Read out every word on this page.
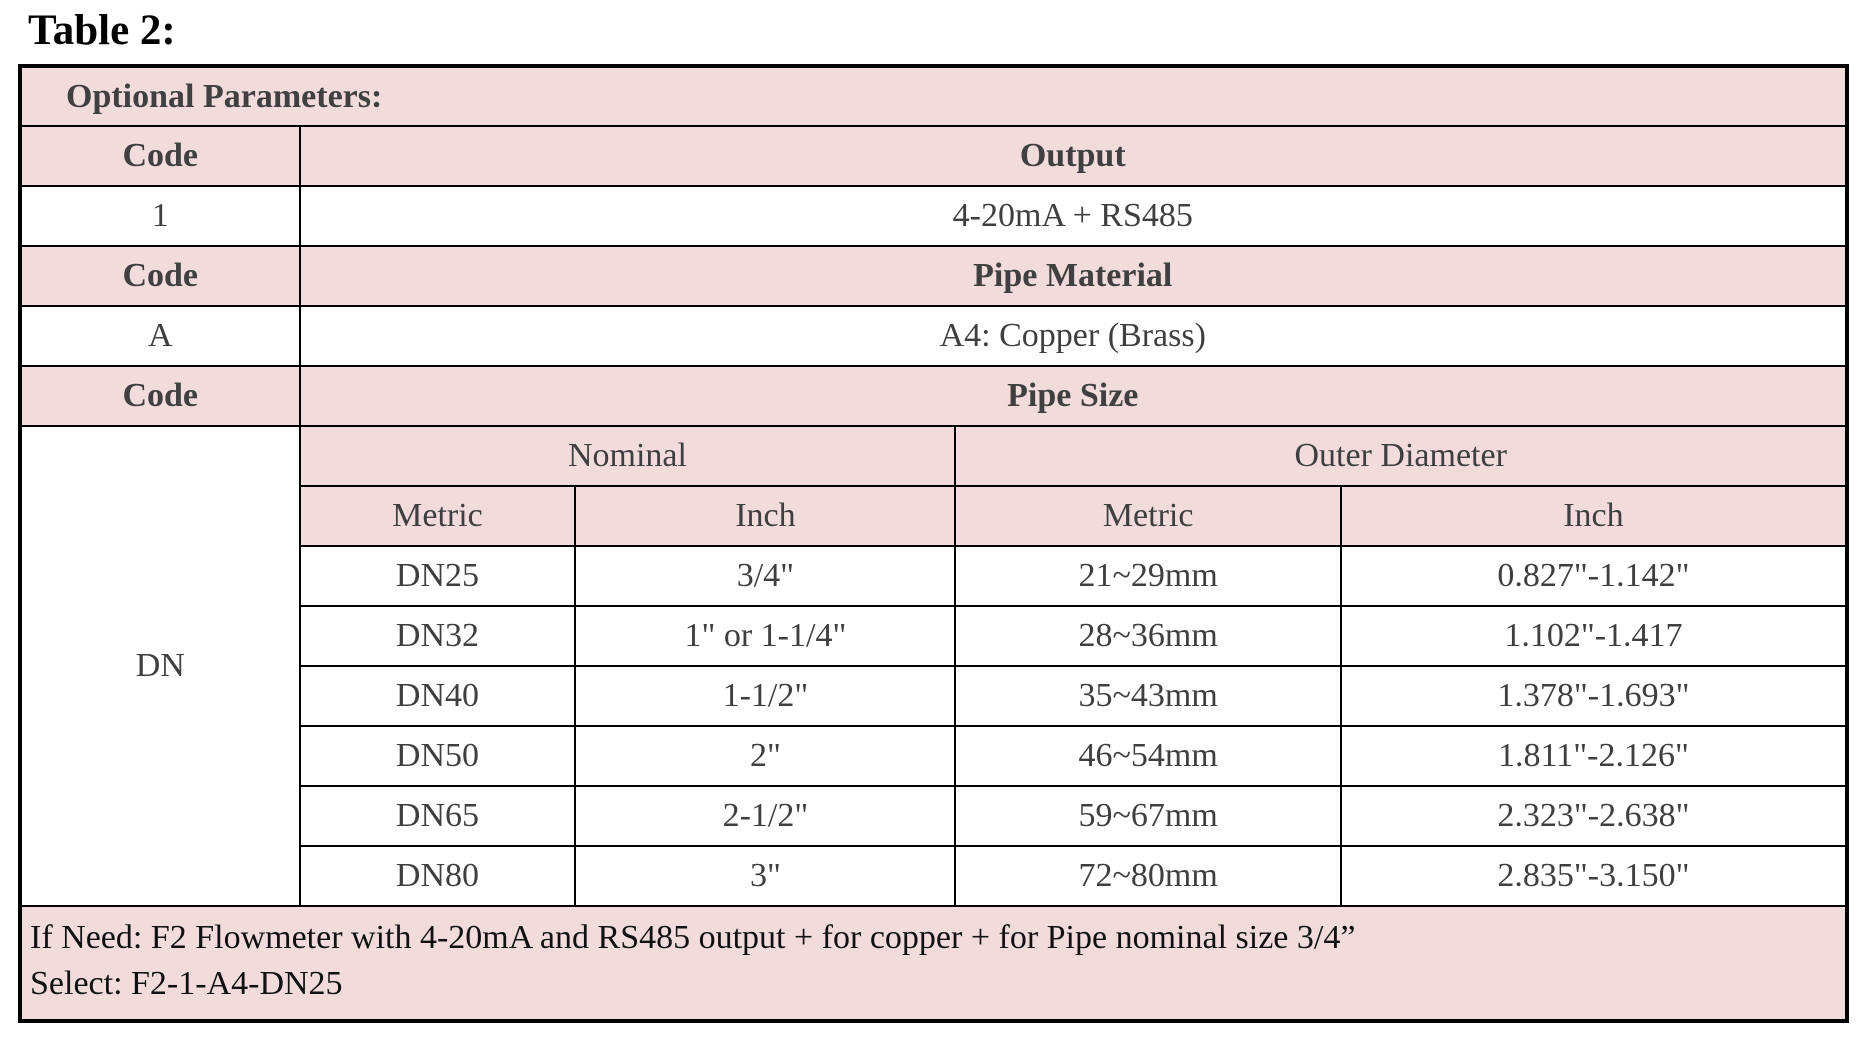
Table 2:
Optional Parameters:				
Code	Output			
1	4-20mA + RS485			
Code	Pipe Material			
A	A4: Copper (Brass)			
Code	Pipe Size			
DN	Nominal		Outer Diameter	
	Metric	Inch	Metric	Inch
	DN25	3/4"	21~29mm	0.827"-1.142"
	DN32	1" or 1-1/4"	28~36mm	1.102"-1.417
	DN40	1-1/2"	35~43mm	1.378"-1.693"
	DN50	2"	46~54mm	1.811"-2.126"
	DN65	2-1/2"	59~67mm	2.323"-2.638"
	DN80	3"	72~80mm	2.835"-3.150"

If Need: F2 Flowmeter with 4-20mA and RS485 output + for copper + for Pipe nominal size 3/4”
Select: F2-1-A4-DN25				
